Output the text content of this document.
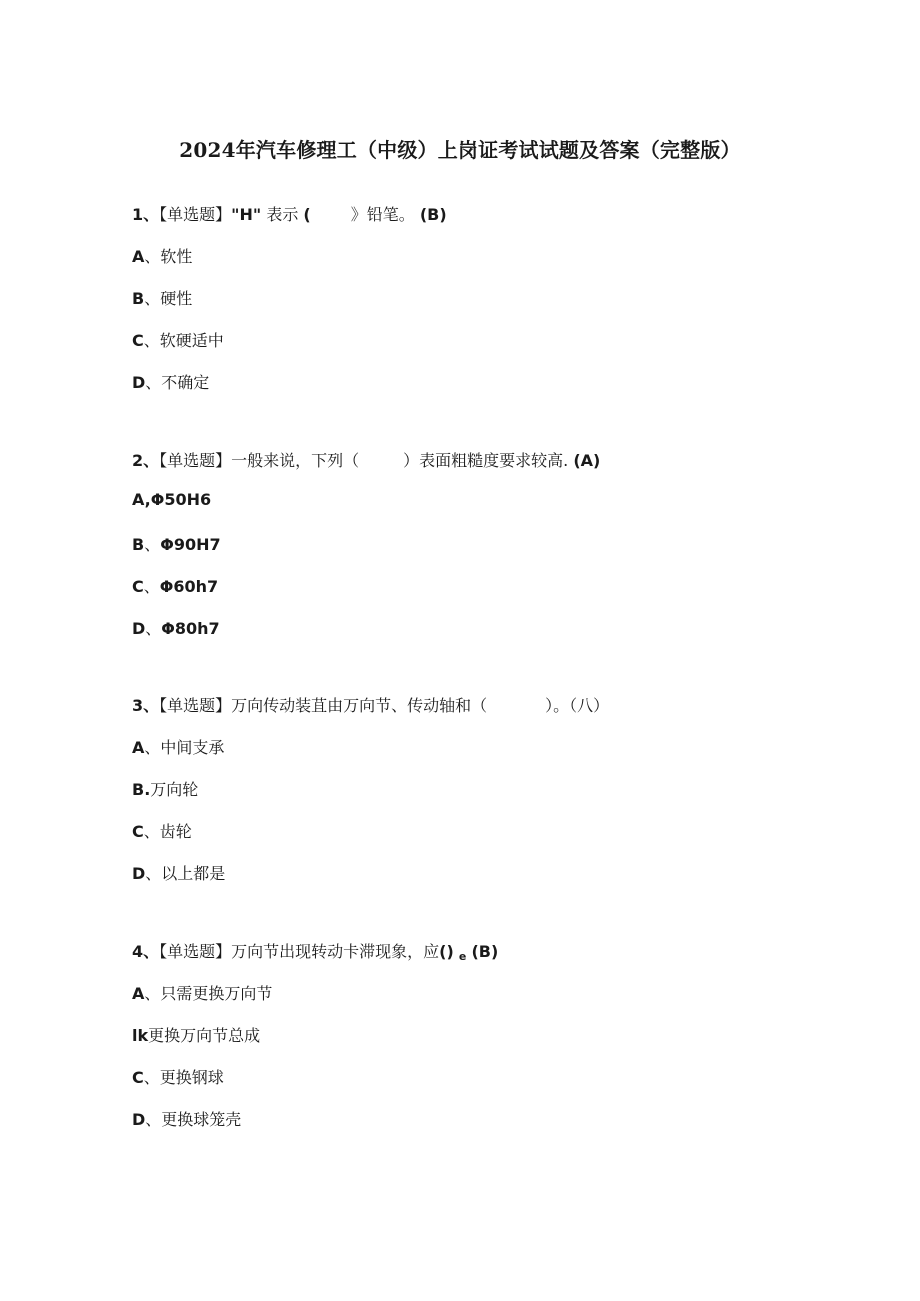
2024年汽车修理工（中级）上岗证考试试题及答案（完整版）
1、【单选题】"H" 表示 (	》铅笔。 (B)
A、软性
B、硬性
C、软硬适中
D、不确定
2、【单选题】一般来说，下列（	）表面粗糙度要求较高. (A)
A,Φ50H6
B、Φ90H7
C、Φ60h7
D、Φ80h7
3、【单选题】万向传动装苴由万向节、传动轴和（	）。（八）
A、中间支承
B.万向轮
C、齿轮
D、以上都是
4、【单选题】万向节出现转动卡滞现象，应() e (B)
A、只需更换万向节
lk更换万向节总成
C、更换钢球
D、更换球笼壳
